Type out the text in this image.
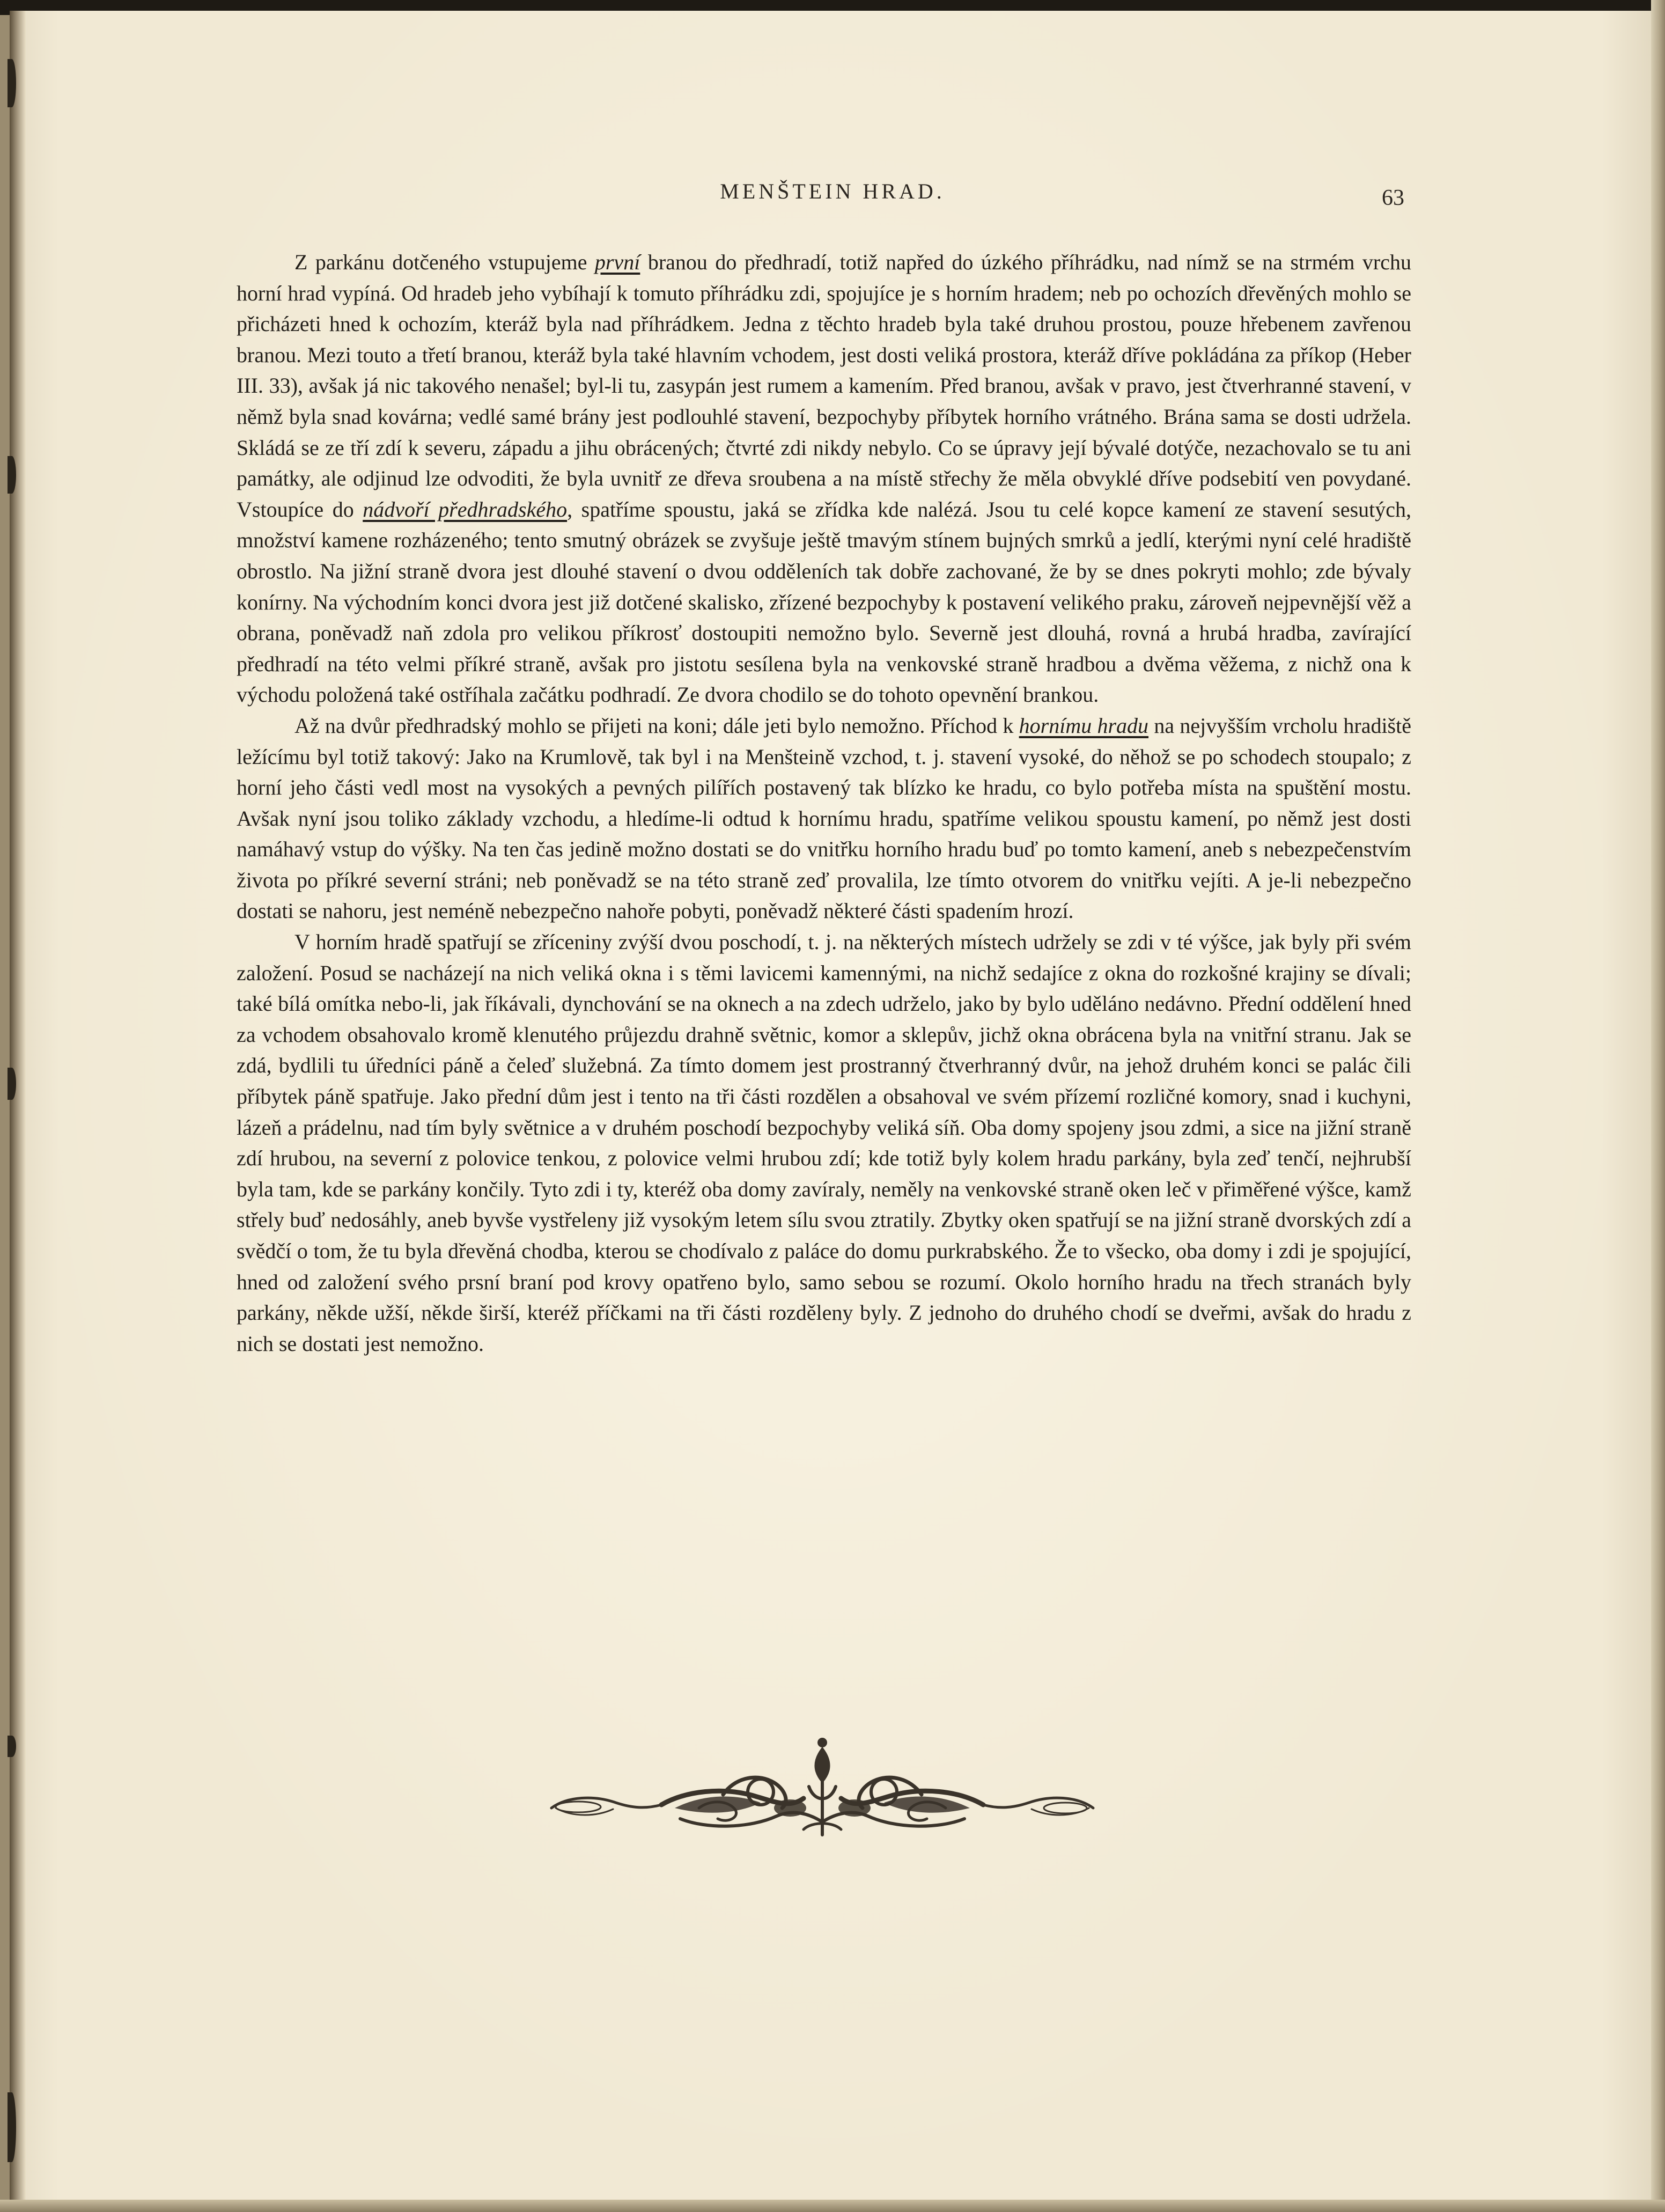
MENŠTEIN HRAD.	63

Z parkánu dotčeného vstupujeme první branou do předhradí, totiž napřed do úzkého příhrádku, nad nímž se na strmém vrchu horní hrad vypíná. Od hradeb jeho vybíhají k tomuto příhrádku zdi, spojujíce je s horním hradem; neb po ochozích dřevěných mohlo se přicházeti hned k ochozím, kteráž byla nad příhrádkem. Jedna z těchto hradeb byla také druhou prostou, pouze hřebenem zavřenou branou. Mezi touto a třetí branou, kteráž byla také hlavním vchodem, jest dosti veliká prostora, kteráž dříve pokládána za příkop (Heber III. 33), avšak já nic takového nenašel; byl-li tu, zasypán jest rumem a kamením. Před branou, avšak v pravo, jest čtverhranné stavení, v němž byla snad kovárna; vedlé samé brány jest podlouhlé stavení, bezpochyby příbytek horního vrátného. Brána sama se dosti udržela. Skládá se ze tří zdí k severu, západu a jihu obrácených; čtvrté zdi nikdy nebylo. Co se úpravy její bývalé dotýče, nezachovalo se tu ani památky, ale odjinud lze odvoditi, že byla uvnitř ze dřeva sroubena a na místě střechy že měla obvyklé dříve podsebití ven povydané. Vstoupíce do nádvoří předhradského, spatříme spoustu, jaká se zřídka kde nalézá. Jsou tu celé kopce kamení ze stavení sesutých, množství kamene rozházeného; tento smutný obrázek se zvyšuje ještě tmavým stínem bujných smrků a jedlí, kterými nyní celé hradiště obrostlo. Na jižní straně dvora jest dlouhé stavení o dvou odděleních tak dobře zachované, že by se dnes pokryti mohlo; zde bývaly konírny. Na východním konci dvora jest již dotčené skalisko, zřízené bezpochyby k postavení velikého praku, zároveň nejpevnější věž a obrana, poněvadž naň zdola pro velikou příkrosť dostoupiti nemožno bylo. Severně jest dlouhá, rovná a hrubá hradba, zavírající předhradí na této velmi příkré straně, avšak pro jistotu sesílena byla na venkovské straně hradbou a dvěma věžema, z nichž ona k východu položená také ostříhala začátku podhradí. Ze dvora chodilo se do tohoto opevnění brankou.

Až na dvůr předhradský mohlo se přijeti na koni; dále jeti bylo nemožno. Příchod k hornímu hradu na nejvyšším vrcholu hradiště ležícímu byl totiž takový: Jako na Krumlově, tak byl i na Menšteině vzchod, t. j. stavení vysoké, do něhož se po schodech stoupalo; z horní jeho části vedl most na vysokých a pevných pilířích postavený tak blízko ke hradu, co bylo potřeba místa na spuštění mostu. Avšak nyní jsou toliko základy vzchodu, a hledíme-li odtud k hornímu hradu, spatříme velikou spoustu kamení, po němž jest dosti namáhavý vstup do výšky. Na ten čas jedině možno dostati se do vnitřku horního hradu buď po tomto kamení, aneb s nebezpečenstvím života po příkré severní stráni; neb poněvadž se na této straně zeď provalila, lze tímto otvorem do vnitřku vejíti. A je-li nebezpečno dostati se nahoru, jest neméně nebezpečno nahoře pobyti, poněvadž některé části spadením hrozí.

V horním hradě spatřují se zříceniny zvýší dvou poschodí, t. j. na některých místech udržely se zdi v té výšce, jak byly při svém založení. Posud se nacházejí na nich veliká okna i s těmi lavicemi kamennými, na nichž sedajíce z okna do rozkošné krajiny se dívali; také bílá omítka nebo-li, jak říkávali, dynchování se na oknech a na zdech udrželo, jako by bylo uděláno nedávno. Přední oddělení hned za vchodem obsahovalo kromě klenutého průjezdu drahně světnic, komor a sklepův, jichž okna obrácena byla na vnitřní stranu. Jak se zdá, bydlili tu úředníci páně a čeleď služebná. Za tímto domem jest prostranný čtverhranný dvůr, na jehož druhém konci se palác čili příbytek páně spatřuje. Jako přední dům jest i tento na tři části rozdělen a obsahoval ve svém přízemí rozličné komory, snad i kuchyni, lázeň a prádelnu, nad tím byly světnice a v druhém poschodí bezpochyby veliká síň. Oba domy spojeny jsou zdmi, a sice na jižní straně zdí hrubou, na severní z polovice tenkou, z polovice velmi hrubou zdí; kde totiž byly kolem hradu parkány, byla zeď tenčí, nejhrubší byla tam, kde se parkány končily. Tyto zdi i ty, kteréž oba domy zavíraly, neměly na venkovské straně oken leč v přiměřené výšce, kamž střely buď nedosáhly, aneb byvše vystřeleny již vysokým letem sílu svou ztratily. Zbytky oken spatřují se na jižní straně dvorských zdí a svědčí o tom, že tu byla dřevěná chodba, kterou se chodívalo z paláce do domu purkrabského. Že to všecko, oba domy i zdi je spojující, hned od založení svého prsní braní pod krovy opatřeno bylo, samo sebou se rozumí. Okolo horního hradu na třech stranách byly parkány, někde užší, někde širší, kteréž příčkami na tři části rozděleny byly. Z jednoho do druhého chodí se dveřmi, avšak do hradu z nich se dostati jest nemožno.
